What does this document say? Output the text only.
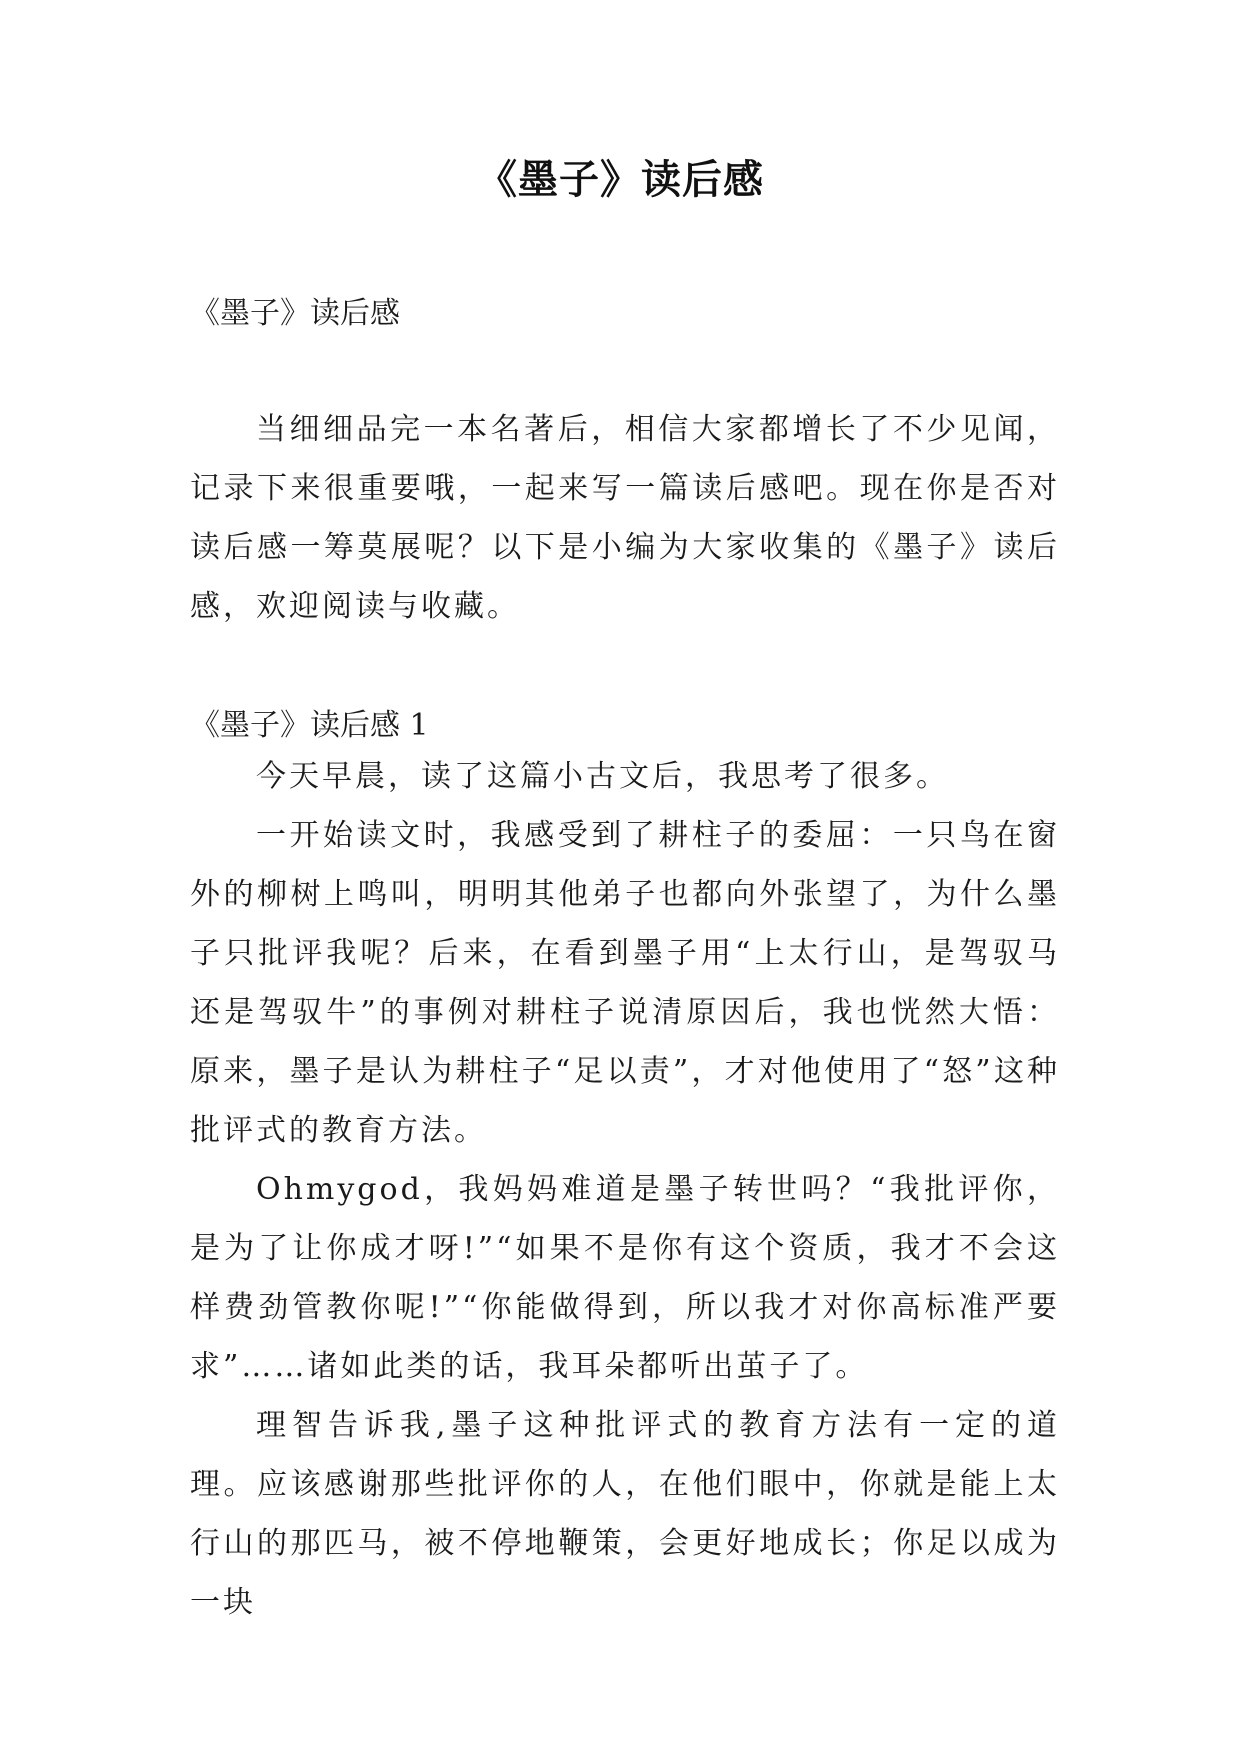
《墨子》读后感
《墨子》读后感
当细细品完一本名著后，相信大家都增长了不少见闻，记录下来很重要哦，一起来写一篇读后感吧。现在你是否对读后感一筹莫展呢？以下是小编为大家收集的《墨子》读后感，欢迎阅读与收藏。
《墨子》读后感 1

今天早晨，读了这篇小古文后，我思考了很多。

一开始读文时，我感受到了耕柱子的委屈：一只鸟在窗外的柳树上鸣叫，明明其他弟子也都向外张望了，为什么墨子只批评我呢？后来，在看到墨子用“上太行山，是驾驭马还是驾驭牛”的事例对耕柱子说清原因后，我也恍然大悟：原来，墨子是认为耕柱子“足以责”，才对他使用了“怒”这种批评式的教育方法。

Ohmygod，我妈妈难道是墨子转世吗？“我批评你，是为了让你成才呀!”“如果不是你有这个资质，我才不会这样费劲管教你呢!”“你能做得到，所以我才对你高标准严要求”……诸如此类的话，我耳朵都听出茧子了。

理智告诉我,墨子这种批评式的教育方法有一定的道理。应该感谢那些批评你的人，在他们眼中，你就是能上太行山的那匹马，被不停地鞭策，会更好地成长；你足以成为一块
